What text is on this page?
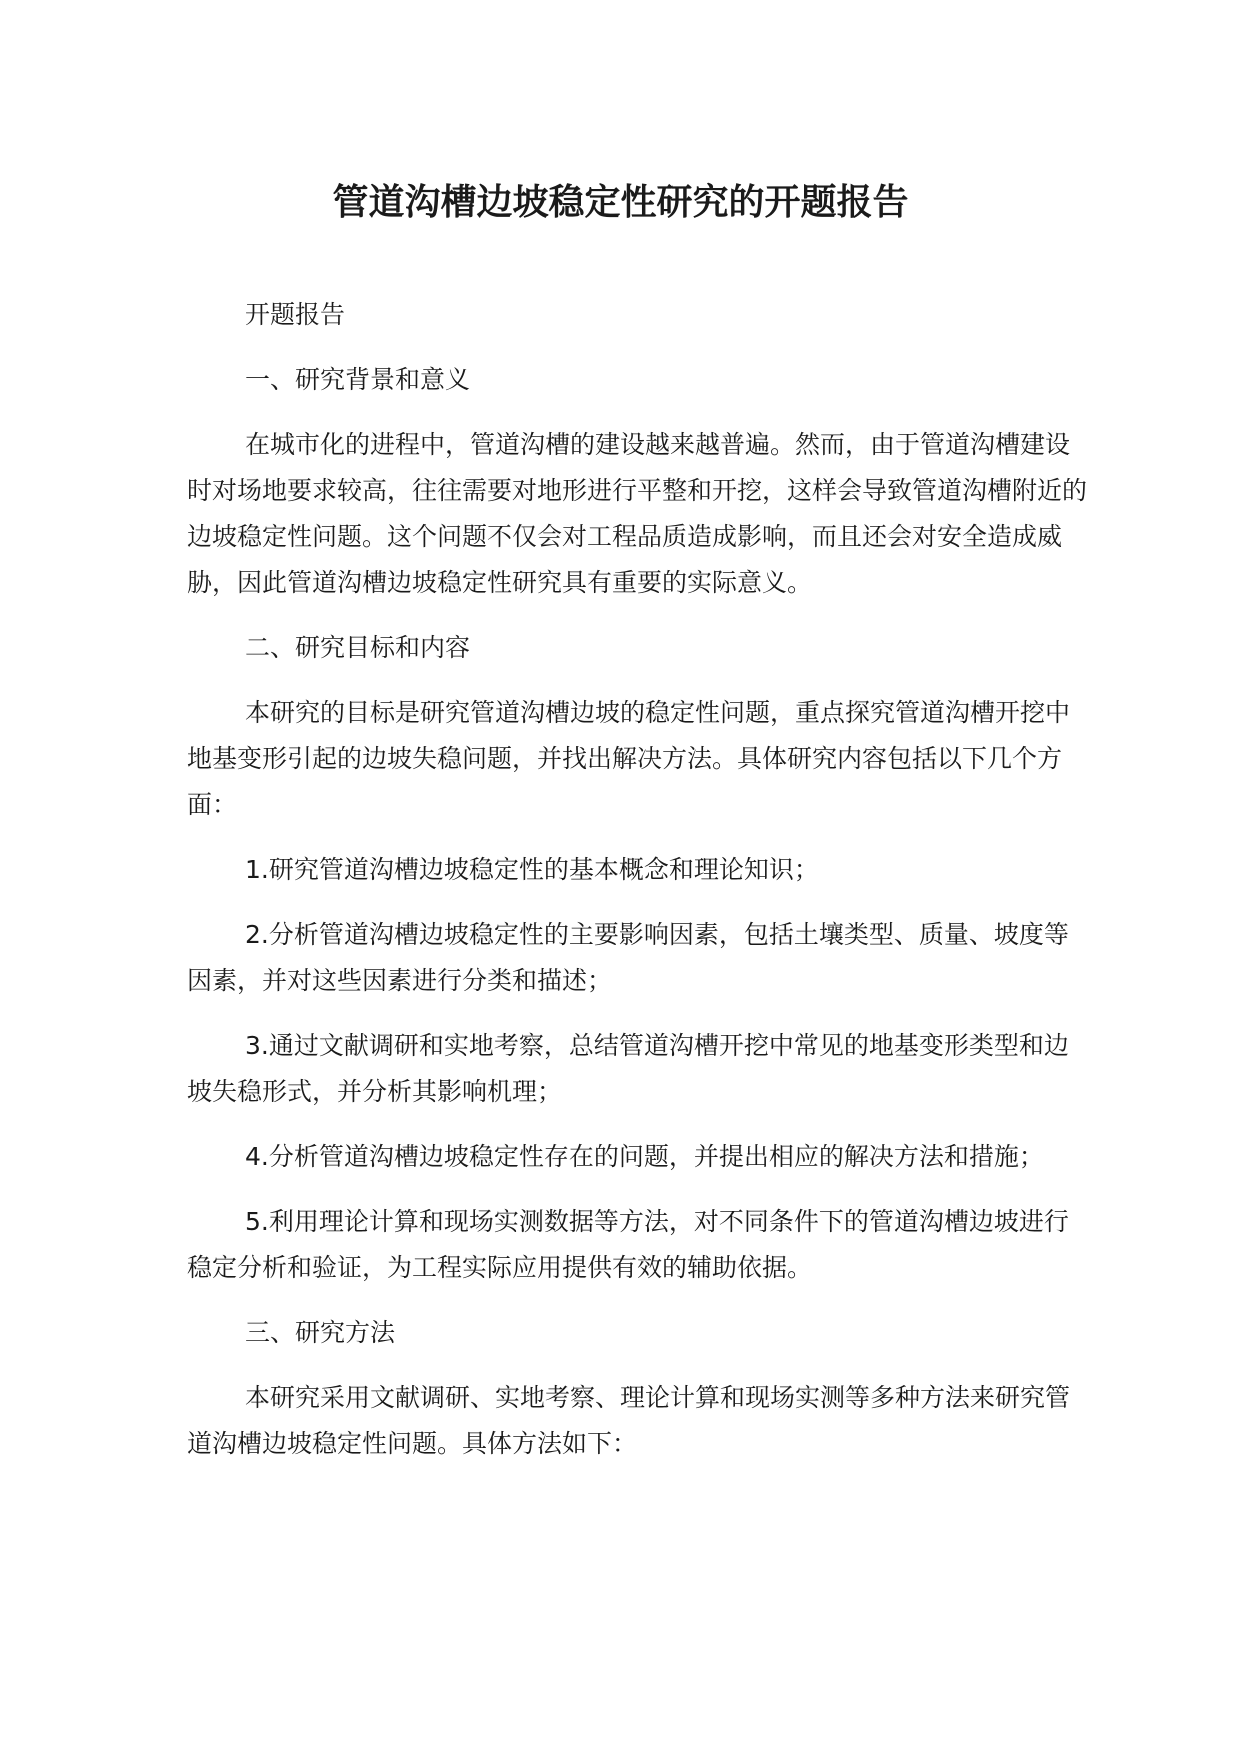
管道沟槽边坡稳定性研究的开题报告

开题报告

一、研究背景和意义

在城市化的进程中，管道沟槽的建设越来越普遍。然而，由于管道沟槽建设时对场地要求较高，往往需要对地形进行平整和开挖，这样会导致管道沟槽附近的边坡稳定性问题。这个问题不仅会对工程品质造成影响，而且还会对安全造成威胁，因此管道沟槽边坡稳定性研究具有重要的实际意义。

二、研究目标和内容

本研究的目标是研究管道沟槽边坡的稳定性问题，重点探究管道沟槽开挖中地基变形引起的边坡失稳问题，并找出解决方法。具体研究内容包括以下几个方面：

1.研究管道沟槽边坡稳定性的基本概念和理论知识；

2.分析管道沟槽边坡稳定性的主要影响因素，包括土壤类型、质量、坡度等因素，并对这些因素进行分类和描述；

3.通过文献调研和实地考察，总结管道沟槽开挖中常见的地基变形类型和边坡失稳形式，并分析其影响机理；

4.分析管道沟槽边坡稳定性存在的问题，并提出相应的解决方法和措施；

5.利用理论计算和现场实测数据等方法，对不同条件下的管道沟槽边坡进行稳定分析和验证，为工程实际应用提供有效的辅助依据。

三、研究方法

本研究采用文献调研、实地考察、理论计算和现场实测等多种方法来研究管道沟槽边坡稳定性问题。具体方法如下：
